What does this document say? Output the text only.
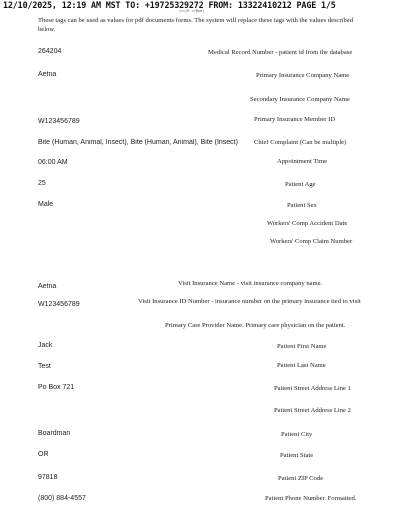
12/10/2025, 12:19 AM MST TO: +19725329272 FROM: 13322410212 PAGE 1/5
(>>/E >/Bye)
These tags can be used as values for pdf documents forms. The system will replace these tags with the values described below.
264204	Medical Record Number - patient id from the database
Aetna	Primary Insurance Company Name
Secondary Insurance Company Name
W123456789	Primary Insurance Member ID
Bite (Human, Animal, Insect), Bite (Human, Animal), Bite (Insect)	Chief Complaint (Can be multiple)
06:00 AM	Appointment Time
25	Patient Age
Male	Patient Sex
Workers' Comp Accident Date
Workers' Comp Claim Number
Aetna	Visit Insurance Name - visit insurance company name.
W123456789	Visit Insurance ID Number - insurance number on the primary insurance tied to visit
Primary Care Provider Name. Primary care physician on the patient.
Jack	Patient First Name
Test	Patient Last Name
Po Box 721	Patient Street Address Line 1
Patient Street Address Line 2
Boardman	Patient City
OR	Patient State
97818	Patient ZIP Code
(800) 884-4557	Patient Phone Number. Formatted.
